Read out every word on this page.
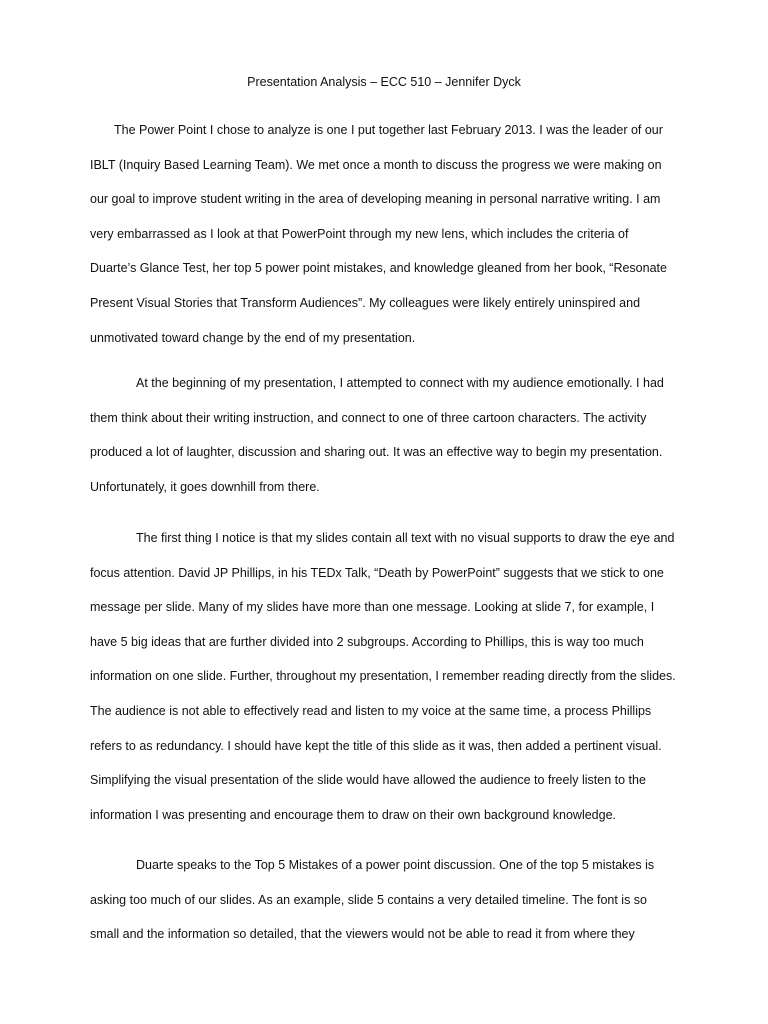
Presentation Analysis – ECC 510 – Jennifer Dyck

The Power Point I chose to analyze is one I put together last February 2013. I was the leader of our IBLT (Inquiry Based Learning Team). We met once a month to discuss the progress we were making on our goal to improve student writing in the area of developing meaning in personal narrative writing. I am very embarrassed as I look at that PowerPoint through my new lens, which includes the criteria of Duarte’s Glance Test, her top 5 power point mistakes, and knowledge gleaned from her book, “Resonate Present Visual Stories that Transform Audiences”. My colleagues were likely entirely uninspired and unmotivated toward change by the end of my presentation.

At the beginning of my presentation, I attempted to connect with my audience emotionally. I had them think about their writing instruction, and connect to one of three cartoon characters. The activity produced a lot of laughter, discussion and sharing out. It was an effective way to begin my presentation. Unfortunately, it goes downhill from there.

The first thing I notice is that my slides contain all text with no visual supports to draw the eye and focus attention. David JP Phillips, in his TEDx Talk, “Death by PowerPoint” suggests that we stick to one message per slide. Many of my slides have more than one message. Looking at slide 7, for example, I have 5 big ideas that are further divided into 2 subgroups. According to Phillips, this is way too much information on one slide. Further, throughout my presentation, I remember reading directly from the slides. The audience is not able to effectively read and listen to my voice at the same time, a process Phillips refers to as redundancy. I should have kept the title of this slide as it was, then added a pertinent visual. Simplifying the visual presentation of the slide would have allowed the audience to freely listen to the information I was presenting and encourage them to draw on their own background knowledge.

Duarte speaks to the Top 5 Mistakes of a power point discussion. One of the top 5 mistakes is asking too much of our slides. As an example, slide 5 contains a very detailed timeline. The font is so small and the information so detailed, that the viewers would not be able to read it from where they
